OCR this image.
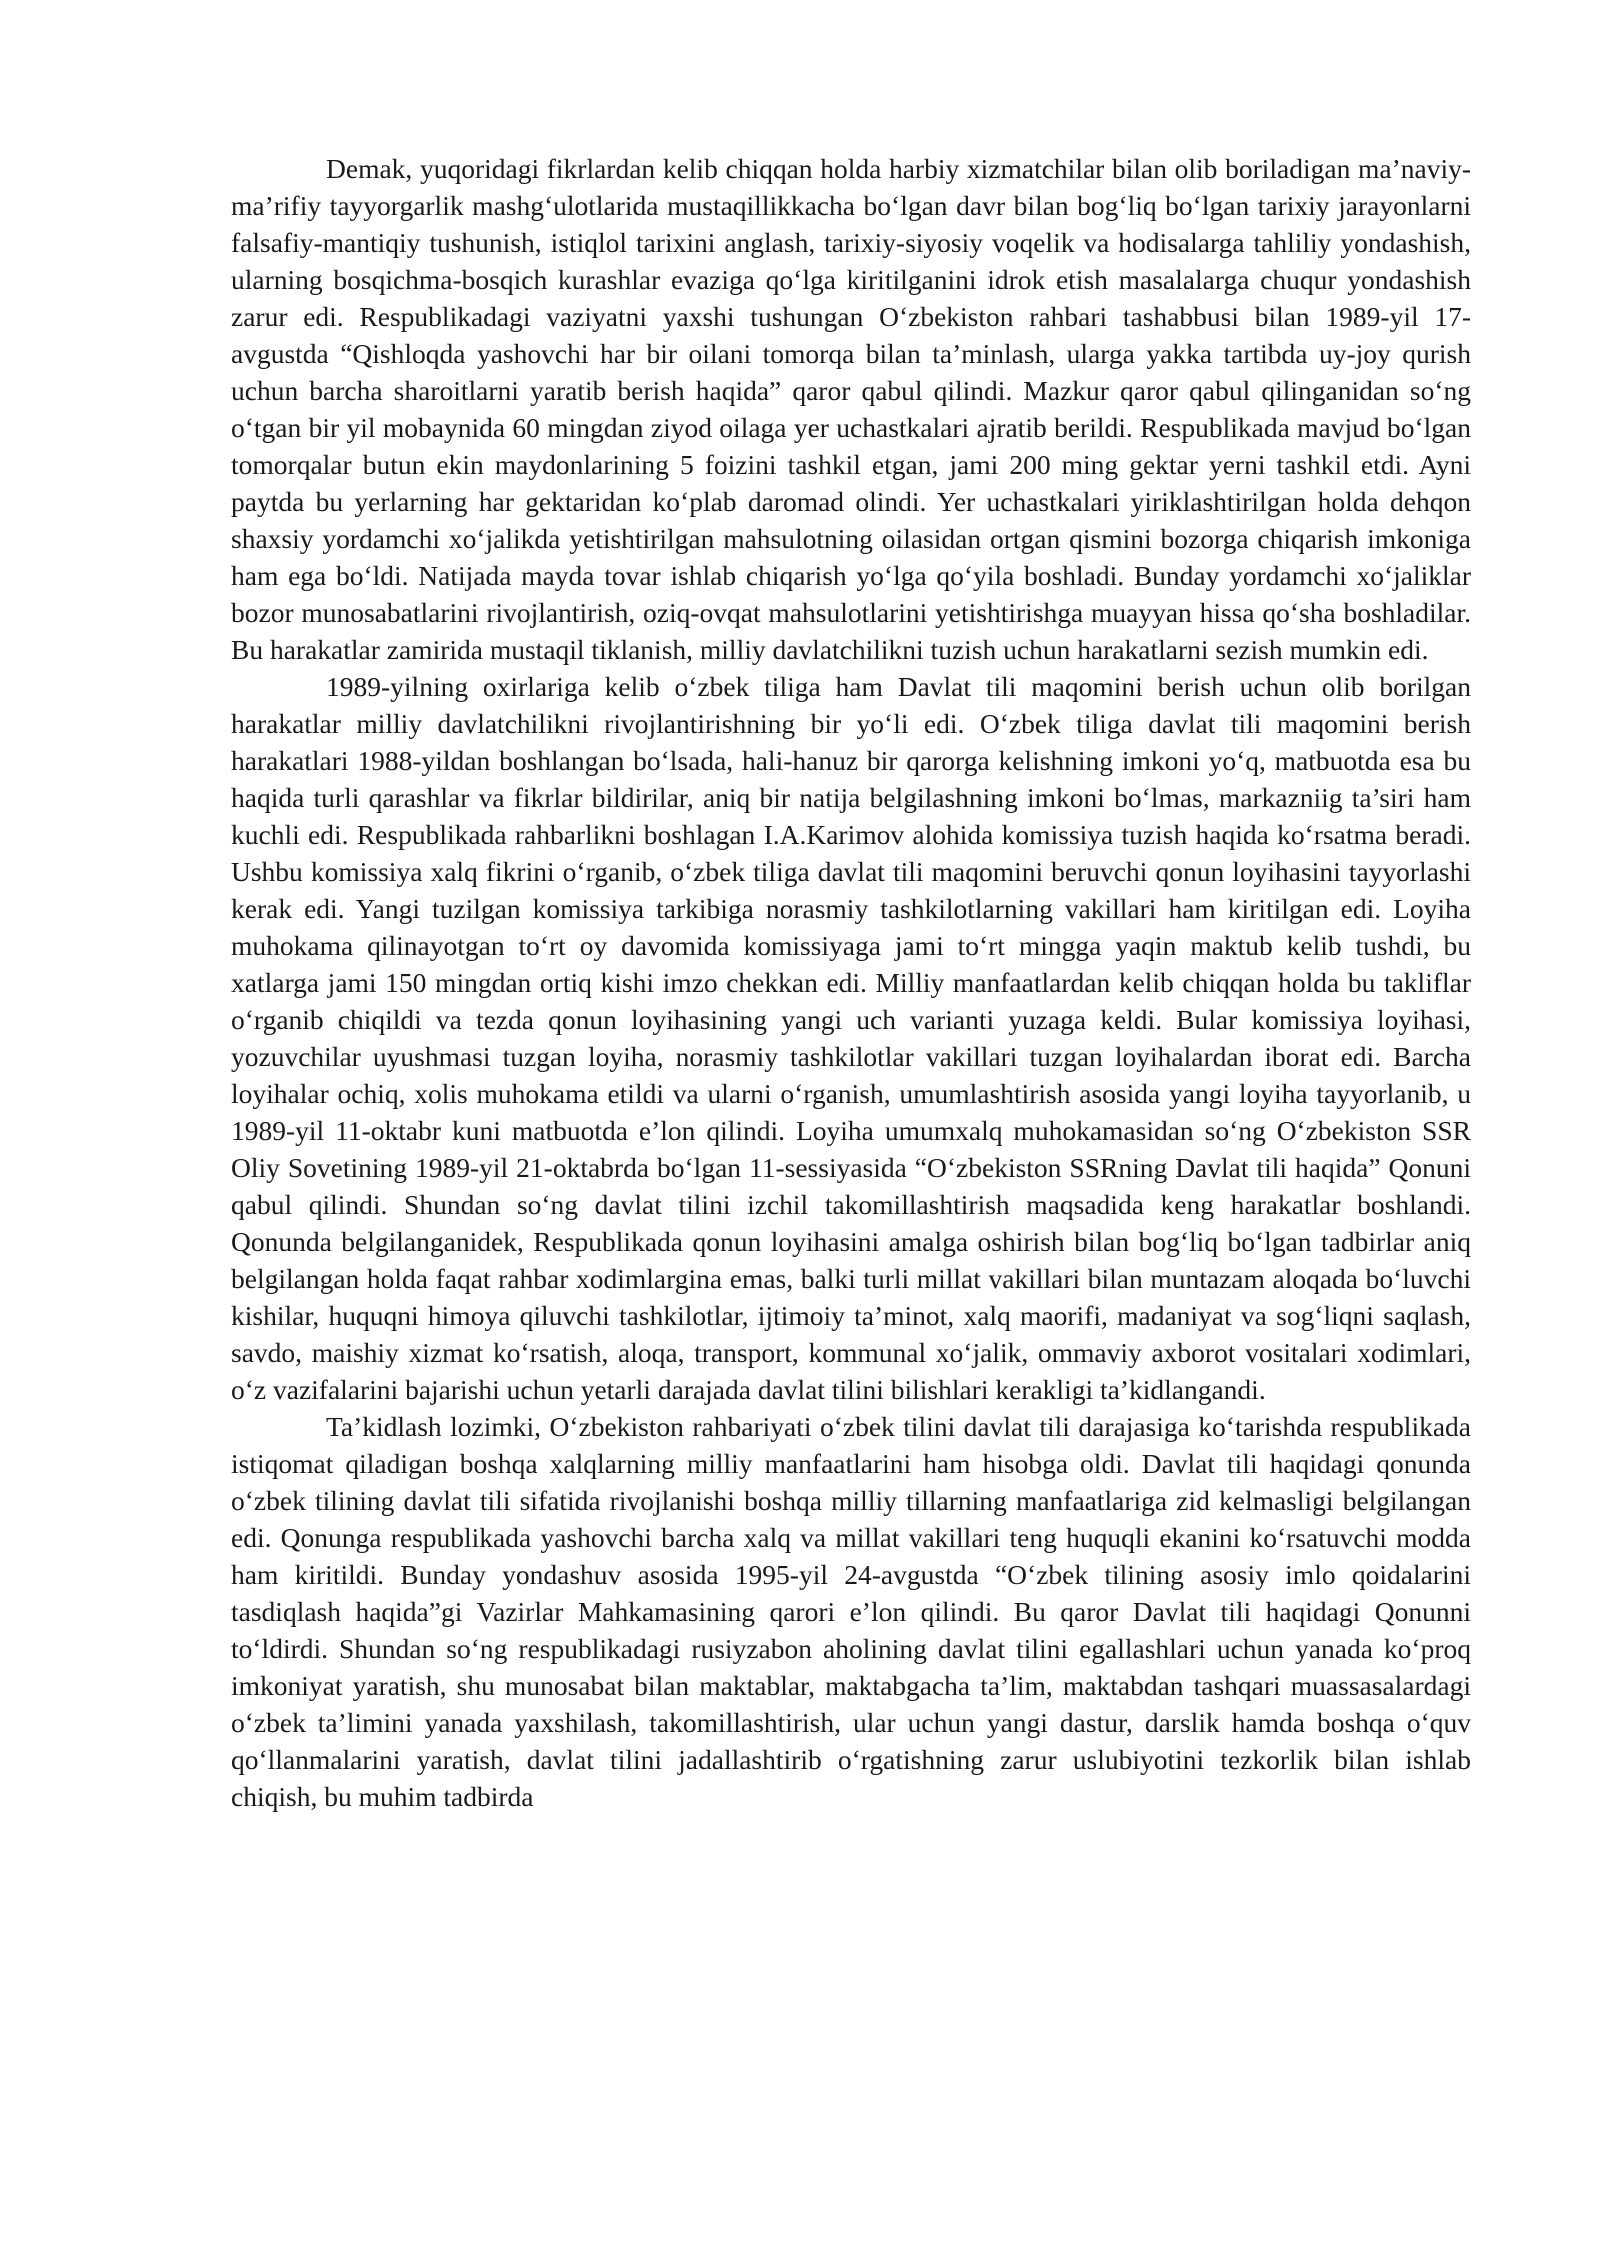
Demak, yuqoridagi fikrlardan kelib chiqqan holda harbiy xizmatchilar bilan olib boriladigan ma’naviy-ma’rifiy tayyorgarlik mashg‘ulotlarida mustaqillikkacha bo‘lgan davr bilan bog‘liq bo‘lgan tarixiy jarayonlarni falsafiy-mantiqiy tushunish, istiqlol tarixini anglash, tarixiy-siyosiy voqelik va hodisalarga tahliliy yondashish, ularning bosqichma-bosqich kurashlar evaziga qo‘lga kiritilganini idrok etish masalalarga chuqur yondashish zarur edi. Respublikadagi vaziyatni yaxshi tushungan O‘zbekiston rahbari tashabbusi bilan 1989-yil 17-avgustda “Qishloqda yashovchi har bir oilani tomorqa bilan ta’minlash, ularga yakka tartibda uy-joy qurish uchun barcha sharoitlarni yaratib berish haqida” qaror qabul qilindi. Mazkur qaror qabul qilinganidan so‘ng o‘tgan bir yil mobaynida 60 mingdan ziyod oilaga yer uchastkalari ajratib berildi. Respublikada mavjud bo‘lgan tomorqalar butun ekin maydonlarining 5 foizini tashkil etgan, jami 200 ming gektar yerni tashkil etdi. Ayni paytda bu yerlarning har gektaridan ko‘plab daromad olindi. Yer uchastkalari yiriklashtirilgan holda dehqon shaxsiy yordamchi xo‘jalikda yetishtirilgan mahsulotning oilasidan ortgan qismini bozorga chiqarish imkoniga ham ega bo‘ldi. Natijada mayda tovar ishlab chiqarish yo‘lga qo‘yila boshladi. Bunday yordamchi xo‘jaliklar bozor munosabatlarini rivojlantirish, oziq-ovqat mahsulotlarini yetishtirishga muayyan hissa qo‘sha boshladilar. Bu harakatlar zamirida mustaqil tiklanish, milliy davlatchilikni tuzish uchun harakatlarni sezish mumkin edi.

1989-yilning oxirlariga kelib o‘zbek tiliga ham Davlat tili maqomini berish uchun olib borilgan harakatlar milliy davlatchilikni rivojlantirishning bir yo‘li edi. O‘zbek tiliga davlat tili maqomini berish harakatlari 1988-yildan boshlangan bo‘lsada, hali-hanuz bir qarorga kelishning imkoni yo‘q, matbuotda esa bu haqida turli qarashlar va fikrlar bildirilar, aniq bir natija belgilashning imkoni bo‘lmas, markazniig ta’siri ham kuchli edi. Respublikada rahbarlikni boshlagan I.A.Karimov alohida komissiya tuzish haqida ko‘rsatma beradi. Ushbu komissiya xalq fikrini o‘rganib, o‘zbek tiliga davlat tili maqomini beruvchi qonun loyihasini tayyorlashi kerak edi. Yangi tuzilgan komissiya tarkibiga norasmiy tashkilotlarning vakillari ham kiritilgan edi. Loyiha muhokama qilinayotgan to‘rt oy davomida komissiyaga jami to‘rt mingga yaqin maktub kelib tushdi, bu xatlarga jami 150 mingdan ortiq kishi imzo chekkan edi. Milliy manfaatlardan kelib chiqqan holda bu takliflar o‘rganib chiqildi va tezda qonun loyihasining yangi uch varianti yuzaga keldi. Bular komissiya loyihasi, yozuvchilar uyushmasi tuzgan loyiha, norasmiy tashkilotlar vakillari tuzgan loyihalardan iborat edi. Barcha loyihalar ochiq, xolis muhokama etildi va ularni o‘rganish, umumlashtirish asosida yangi loyiha tayyorlanib, u 1989-yil 11-oktabr kuni matbuotda e’lon qilindi. Loyiha umumxalq muhokamasidan so‘ng O‘zbekiston SSR Oliy Sovetining 1989-yil 21-oktabrda bo‘lgan 11-sessiyasida “O‘zbekiston SSRning Davlat tili haqida” Qonuni qabul qilindi. Shundan so‘ng davlat tilini izchil takomillashtirish maqsadida keng harakatlar boshlandi. Qonunda belgilanganidek, Respublikada qonun loyihasini amalga oshirish bilan bog‘liq bo‘lgan tadbirlar aniq belgilangan holda faqat rahbar xodimlargina emas, balki turli millat vakillari bilan muntazam aloqada bo‘luvchi kishilar, huquqni himoya qiluvchi tashkilotlar, ijtimoiy ta’minot, xalq maorifi, madaniyat va sog‘liqni saqlash, savdo, maishiy xizmat ko‘rsatish, aloqa, transport, kommunal xo‘jalik, ommaviy axborot vositalari xodimlari, o‘z vazifalarini bajarishi uchun yetarli darajada davlat tilini bilishlari kerakligi ta’kidlangandi.

Ta’kidlash lozimki, O‘zbekiston rahbariyati o‘zbek tilini davlat tili darajasiga ko‘tarishda respublikada istiqomat qiladigan boshqa xalqlarning milliy manfaatlarini ham hisobga oldi. Davlat tili haqidagi qonunda o‘zbek tilining davlat tili sifatida rivojlanishi boshqa milliy tillarning manfaatlariga zid kelmasligi belgilangan edi. Qonunga respublikada yashovchi barcha xalq va millat vakillari teng huquqli ekanini ko‘rsatuvchi modda ham kiritildi. Bunday yondashuv asosida 1995-yil 24-avgustda “O‘zbek tilining asosiy imlo qoidalarini tasdiqlash haqida”gi Vazirlar Mahkamasining qarori e’lon qilindi. Bu qaror Davlat tili haqidagi Qonunni to‘ldirdi. Shundan so‘ng respublikadagi rusiyzabon aholining davlat tilini egallashlari uchun yanada ko‘proq imkoniyat yaratish, shu munosabat bilan maktablar, maktabgacha ta’lim, maktabdan tashqari muassasalardagi o‘zbek ta’limini yanada yaxshilash, takomillashtirish, ular uchun yangi dastur, darslik hamda boshqa o‘quv qo‘llanmalarini yaratish, davlat tilini jadallashtirib o‘rgatishning zarur uslubiyotini tezkorlik bilan ishlab chiqish, bu muhim tadbirda
